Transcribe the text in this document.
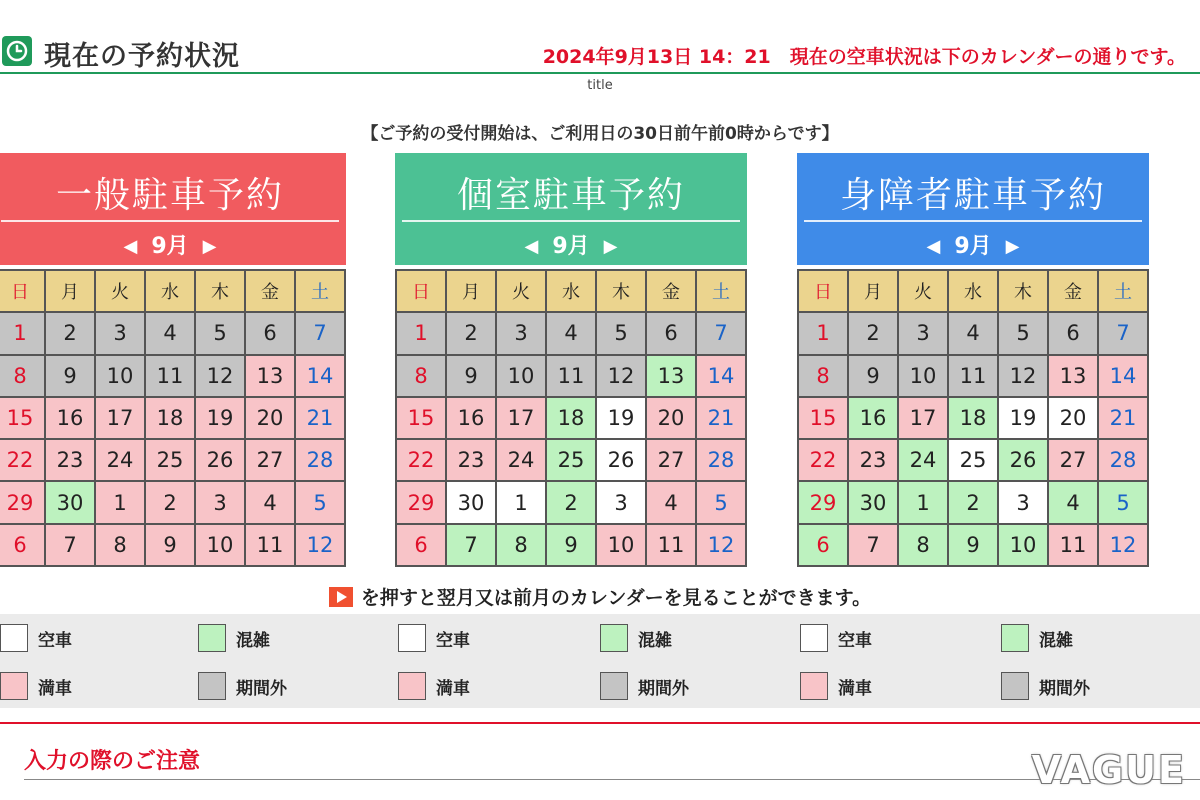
現在の予約状況	2024年9月13日 14：21　現在の空車状況は下のカレンダーの通りです。
title
【ご予約の受付開始は、ご利用日の30日前午前0時からです】
一般駐車予約
◀ 9月 ▶
日	月	火	水	木	金	土
1	2	3	4	5	6	7
8	9	10	11	12	13	14
15	16	17	18	19	20	21
22	23	24	25	26	27	28
29	30	1	2	3	4	5
6	7	8	9	10	11	12
個室駐車予約
◀ 9月 ▶
日	月	火	水	木	金	土
1	2	3	4	5	6	7
8	9	10	11	12	13	14
15	16	17	18	19	20	21
22	23	24	25	26	27	28
29	30	1	2	3	4	5
6	7	8	9	10	11	12
身障者駐車予約
◀ 9月 ▶
日	月	火	水	木	金	土
1	2	3	4	5	6	7
8	9	10	11	12	13	14
15	16	17	18	19	20	21
22	23	24	25	26	27	28
29	30	1	2	3	4	5
6	7	8	9	10	11	12
を押すと翌月又は前月のカレンダーを見ることができます。
空車	混雑
満車	期間外
空車	混雑
満車	期間外
空車	混雑
満車	期間外
入力の際のご注意	VAGUE
